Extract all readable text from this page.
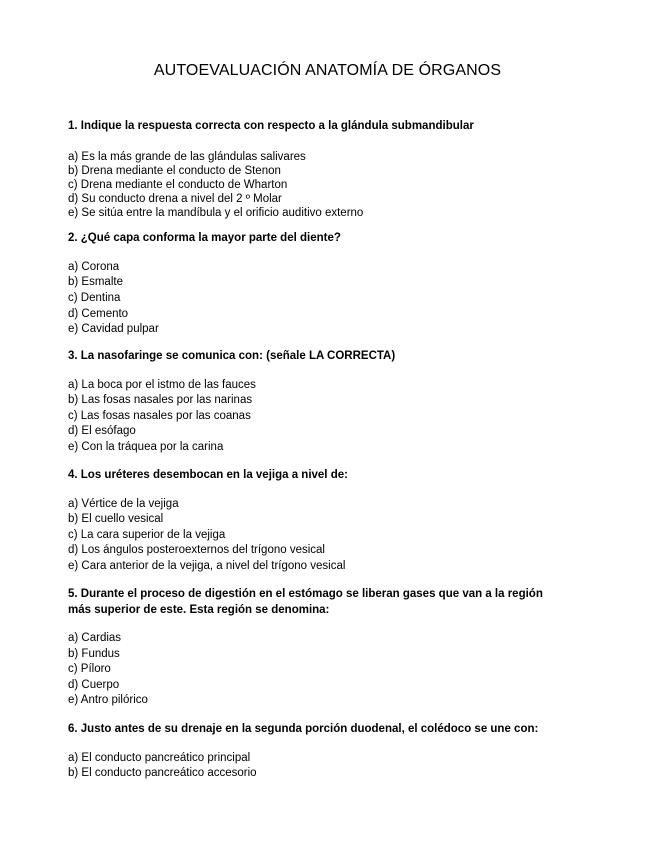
AUTOEVALUACIÓN ANATOMÍA DE ÓRGANOS

1. Indique la respuesta correcta con respecto a la glándula submandibular

a) Es la más grande de las glándulas salivares
b) Drena mediante el conducto de Stenon
c) Drena mediante el conducto de Wharton
d) Su conducto drena a nivel del 2 º Molar
e) Se sitúa entre la mandíbula y el orificio auditivo externo

2. ¿Qué capa conforma la mayor parte del diente?

a) Corona
b) Esmalte
c) Dentina
d) Cemento
e) Cavidad pulpar

3. La nasofaringe se comunica con: (señale LA CORRECTA)

a) La boca por el istmo de las fauces
b) Las fosas nasales por las narinas
c) Las fosas nasales por las coanas
d) El esófago
e) Con la tráquea por la carina

4. Los uréteres desembocan en la vejiga a nivel de:

a) Vértice de la vejiga
b) El cuello vesical
c) La cara superior de la vejiga
d) Los ángulos posteroexternos del trígono vesical
e) Cara anterior de la vejiga, a nivel del trígono vesical

5. Durante el proceso de digestión en el estómago se liberan gases que van a la región más superior de este. Esta región se denomina:

a) Cardias
b) Fundus
c) Píloro
d) Cuerpo
e) Antro pilórico

6. Justo antes de su drenaje en la segunda porción duodenal, el colédoco se une con:

a) El conducto pancreático principal
b) El conducto pancreático accesorio
